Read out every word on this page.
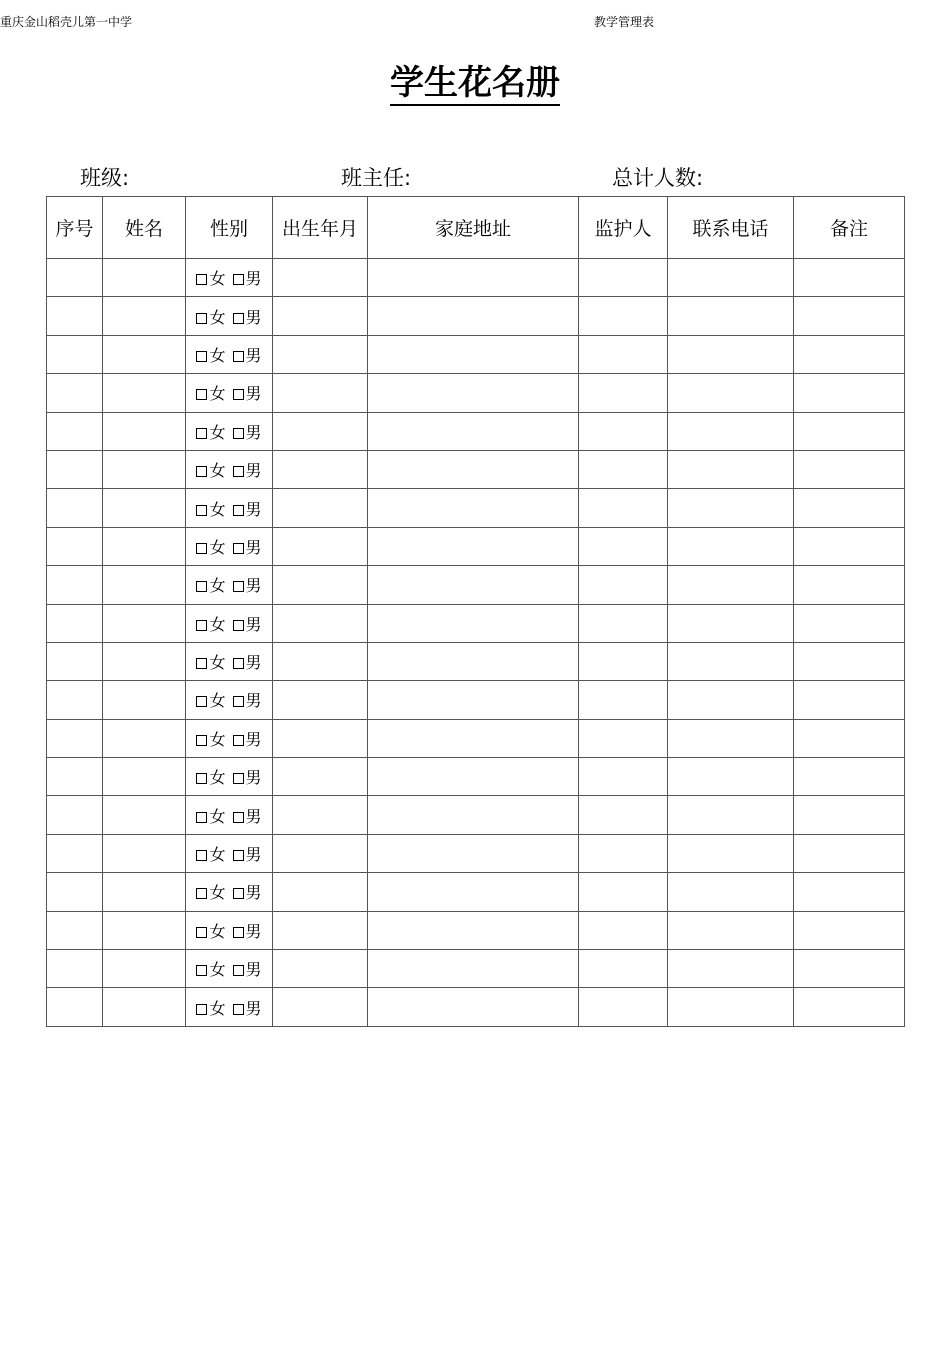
重庆金山稻壳儿第一中学	教学管理表
学生花名册
班级:	班主任:	总计人数:
序号	姓名	性别	出生年月	家庭地址	监护人	联系电话	备注
		女 男					
		女 男					
		女 男					
		女 男					
		女 男					
		女 男					
		女 男					
		女 男					
		女 男					
		女 男					
		女 男					
		女 男					
		女 男					
		女 男					
		女 男					
		女 男					
		女 男					
		女 男					
		女 男					
		女 男					
